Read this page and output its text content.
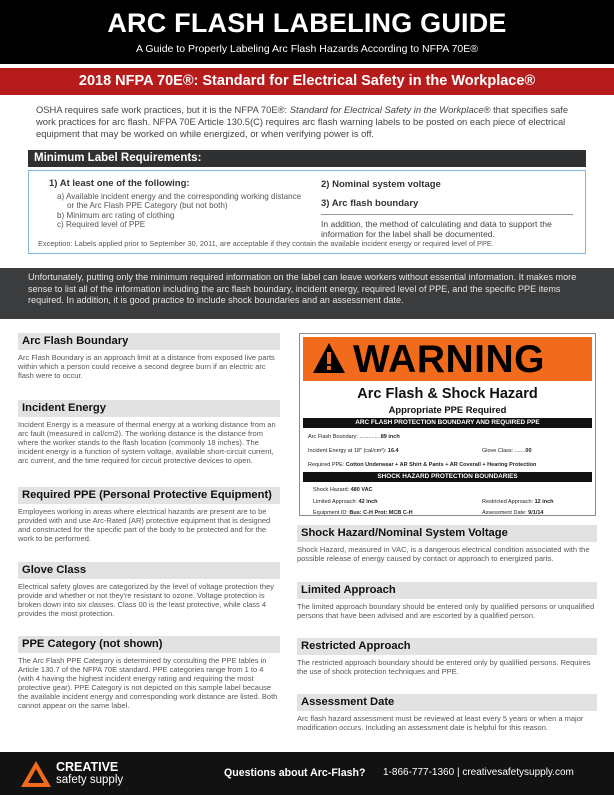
ARC FLASH LABELING GUIDE
A Guide to Properly Labeling Arc Flash Hazards According to NFPA 70E®
2018 NFPA 70E®: Standard for Electrical Safety in the Workplace®
OSHA requires safe work practices, but it is the NFPA 70E®: Standard for Electrical Safety in the Workplace® that specifies safe work practices for arc flash. NFPA 70E Article 130.5(C) requires arc flash warning labels to be posted on each piece of electrical equipment that may be worked on while energized, or when verifying power is off.
Minimum Label Requirements:
1) At least one of the following:
a) Available incident energy and the corresponding working distance or the Arc Flash PPE Category (but not both)
b) Minimum arc rating of clothing
c) Required level of PPE
2) Nominal system voltage
3) Arc flash boundary
In addition, the method of calculating and data to support the information for the label shall be documented.
Exception: Labels applied prior to September 30, 2011, are acceptable if they contain the available incident energy or required level of PPE.
Unfortunately, putting only the minimum required information on the label can leave workers without essential information. It makes more sense to list all of the information including the arc flash boundary, incident energy, required level of PPE, and the specific PPE items required. In addition, it is good practice to include shock boundaries and an assessment date.
Arc Flash Boundary
Arc Flash Boundary is an approach limit at a distance from exposed live parts within which a person could receive a second degree burn if an electric arc flash were to occur.
Incident Energy
Incident Energy is a measure of thermal energy at a working distance from an arc fault (measured in cal/cm2). The working distance is the distance from where the worker stands to the flash location (commonly 18 inches). The incident energy is a function of system voltage, available short-circuit current, arc current, and the time required for circuit protective devices to open.
Required PPE (Personal Protective Equipment)
Employees working in areas where electrical hazards are present are to be provided with and use Arc-Rated (AR) protective equipment that is designed and constructed for the specific part of the body to be protected and for the work to be performed.
Glove Class
Electrical safety gloves are categorized by the level of voltage protection they provide and whether or not they're resistant to ozone. Voltage protection is broken down into six classes. Class 00 is the least protective, while class 4 provides the most protection.
PPE Category (not shown)
The Arc Flash PPE Category is determined by consulting the PPE tables in Article 130.7 of the NFPA 70E standard. PPE categories range from 1 to 4 (with 4 having the highest incident energy rating and requiring the most protective gear). PPE Category is not depicted on this sample label because the available incident energy and corresponding work distance are listed. Both cannot appear on the same label.
WARNING
Arc Flash & Shock Hazard
Appropriate PPE Required
ARC FLASH PROTECTION BOUNDARY AND REQUIRED PPE
Arc Flash Boundary: ..............89 inch
Incident Energy at 18" (cal/cm²): 16.4	Glove Class: .......00
Required PPE: Cotton Underwear + AR Shirt & Pants + AR Coverall + Hearing Protection
SHOCK HAZARD PROTECTION BOUNDARIES
Shock Hazard: 480 VAC
Limited Approach: 42 inch	Restricted Approach: 12 inch
Equipment ID: Bus: C-H Prot: MCB C-H	Assessment Date: 9/1/14
Shock Hazard/Nominal System Voltage
Shock Hazard, measured in VAC, is a dangerous electrical condition associated with the possible release of energy caused by contact or approach to energized parts.
Limited Approach
The limited approach boundary should be entered only by qualified persons or unqualified persons that have been advised and are escorted by a qualified person.
Restricted Approach
The restricted approach boundary should be entered only by qualified persons. Requires the use of shock protection techniques and PPE.
Assessment Date
Arc flash hazard assessment must be reviewed at least every 5 years or when a major modification occurs. Including an assessment date is helpful for this reason.
CREATIVE
safety supply
Questions about Arc-Flash? 1-866-777-1360 | creativesafetysupply.com
